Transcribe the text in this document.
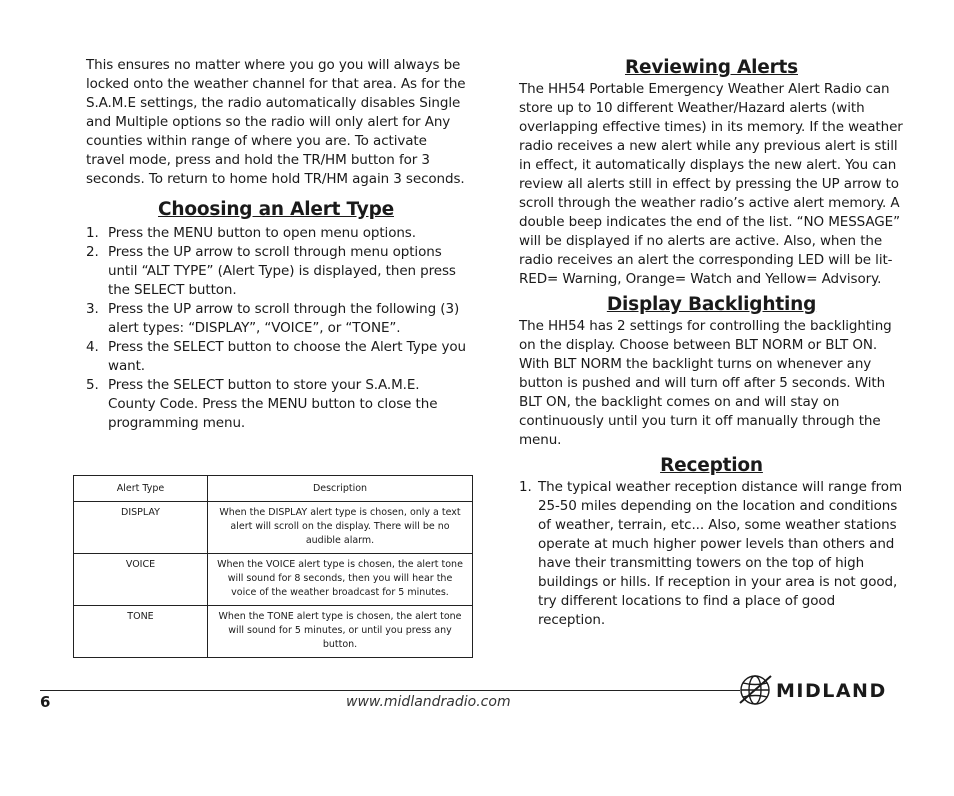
This ensures no matter where you go you will always be locked onto the weather channel for that area. As for the S.A.M.E settings, the radio automatically disables Single and Multiple options so the radio will only alert for Any counties within range of where you are. To activate travel mode, press and hold the TR/HM button for 3 seconds. To return to home hold TR/HM again 3 seconds.

Choosing an Alert Type
1. Press the MENU button to open menu options.
2. Press the UP arrow to scroll through menu options until “ALT TYPE” (Alert Type) is displayed, then press the SELECT button.
3. Press the UP arrow to scroll through the following (3) alert types: “DISPLAY”, “VOICE”, or “TONE”.
4. Press the SELECT button to choose the Alert Type you want.
5. Press the SELECT button to store your S.A.M.E. County Code. Press the MENU button to close the programming menu.
Alert Type	Description
DISPLAY	When the DISPLAY alert type is chosen, only a text alert will scroll on the display. There will be no audible alarm.
VOICE	When the VOICE alert type is chosen, the alert tone will sound for 8 seconds, then you will hear the voice of the weather broadcast for 5 minutes.
TONE	When the TONE alert type is chosen, the alert tone will sound for 5 minutes, or until you press any button.
Reviewing Alerts

The HH54 Portable Emergency Weather Alert Radio can store up to 10 different Weather/Hazard alerts (with overlapping effective times) in its memory. If the weather radio receives a new alert while any previous alert is still in effect, it automatically displays the new alert. You can review all alerts still in effect by pressing the UP arrow to scroll through the weather radio’s active alert memory. A double beep indicates the end of the list. “NO MESSAGE” will be displayed if no alerts are active. Also, when the radio receives an alert the corresponding LED will be lit- RED= Warning, Orange= Watch and Yellow= Advisory.

Display Backlighting

The HH54 has 2 settings for controlling the backlighting on the display. Choose between BLT NORM or BLT ON. With BLT NORM the backlight turns on whenever any button is pushed and will turn off after 5 seconds. With BLT ON, the backlight comes on and will stay on continuously until you turn it off manually through the menu.

Reception
1. The typical weather reception distance will range from 25-50 miles depending on the location and conditions of weather, terrain, etc... Also, some weather stations operate at much higher power levels than others and have their transmitting towers on the top of high buildings or hills. If reception in your area is not good, try different locations to find a place of good reception.
6	www.midlandradio.com	MIDLAND
